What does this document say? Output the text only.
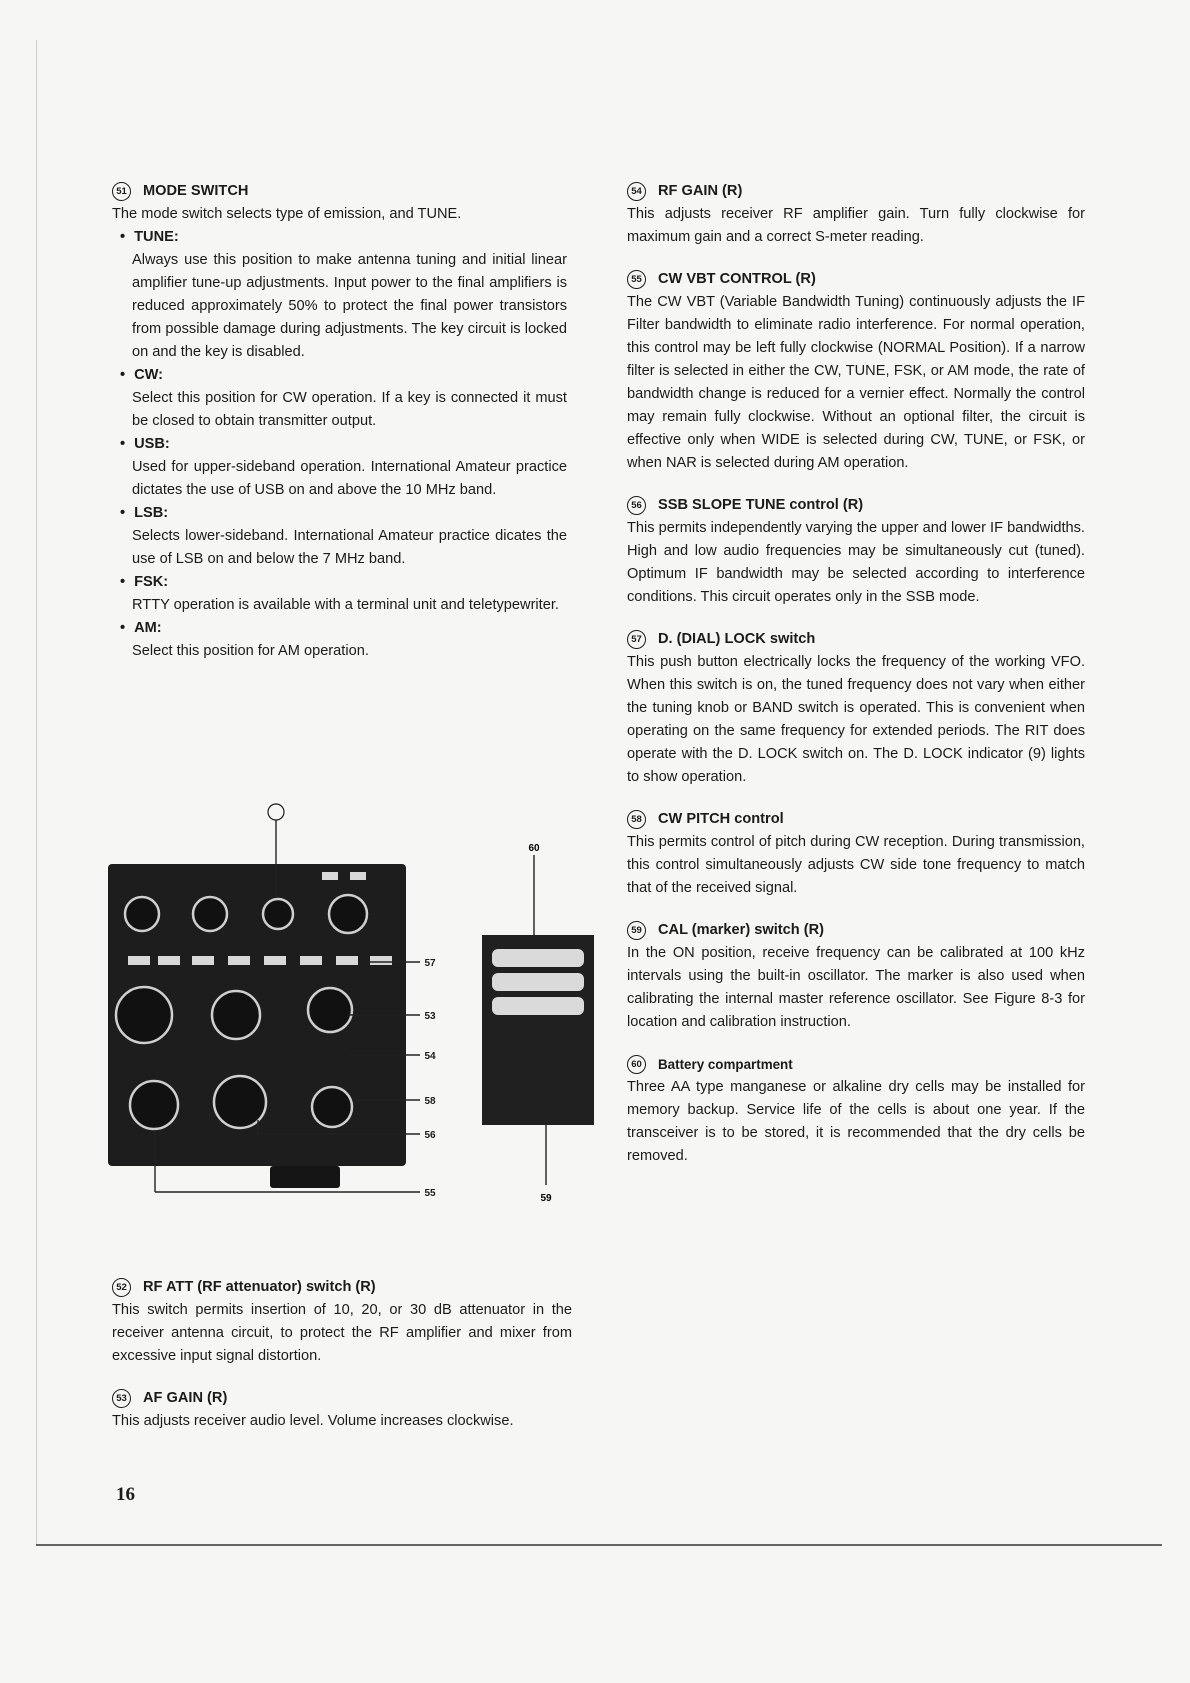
51 MODE SWITCH
The mode switch selects type of emission, and TUNE.
• TUNE:
Always use this position to make antenna tuning and initial linear amplifier tune-up adjustments. Input power to the final amplifiers is reduced approximately 50% to protect the final power transistors from possible damage during adjustments. The key circuit is locked on and the key is disabled.
• CW:
Select this position for CW operation. If a key is connected it must be closed to obtain transmitter output.
• USB:
Used for upper-sideband operation. International Amateur practice dictates the use of USB on and above the 10 MHz band.
• LSB:
Selects lower-sideband. International Amateur practice dicates the use of LSB on and below the 7 MHz band.
• FSK:
RTTY operation is available with a terminal unit and teletypewriter.
• AM:
Select this position for AM operation.
57
53
54
58
56
55
60
59
52 RF ATT (RF attenuator) switch (R)
This switch permits insertion of 10, 20, or 30 dB attenuator in the receiver antenna circuit, to protect the RF amplifier and mixer from excessive input signal distortion.
53 AF GAIN (R)
This adjusts receiver audio level. Volume increases clockwise.
54 RF GAIN (R)
This adjusts receiver RF amplifier gain. Turn fully clockwise for maximum gain and a correct S-meter reading.
55 CW VBT CONTROL (R)
The CW VBT (Variable Bandwidth Tuning) continuously adjusts the IF Filter bandwidth to eliminate radio interference. For normal operation, this control may be left fully clockwise (NORMAL Position). If a narrow filter is selected in either the CW, TUNE, FSK, or AM mode, the rate of bandwidth change is reduced for a vernier effect. Normally the control may remain fully clockwise. Without an optional filter, the circuit is effective only when WIDE is selected during CW, TUNE, or FSK, or when NAR is selected during AM operation.
56 SSB SLOPE TUNE control (R)
This permits independently varying the upper and lower IF bandwidths. High and low audio frequencies may be simultaneously cut (tuned). Optimum IF bandwidth may be selected according to interference conditions. This circuit operates only in the SSB mode.
57 D. (DIAL) LOCK switch
This push button electrically locks the frequency of the working VFO. When this switch is on, the tuned frequency does not vary when either the tuning knob or BAND switch is operated. This is convenient when operating on the same frequency for extended periods. The RIT does operate with the D. LOCK switch on. The D. LOCK indicator (9) lights to show operation.
58 CW PITCH control
This permits control of pitch during CW reception. During transmission, this control simultaneously adjusts CW side tone frequency to match that of the received signal.
59 CAL (marker) switch (R)
In the ON position, receive frequency can be calibrated at 100 kHz intervals using the built-in oscillator. The marker is also used when calibrating the internal master reference oscillator. See Figure 8-3 for location and calibration instruction.
60	Battery compartment
Three AA type manganese or alkaline dry cells may be installed for memory backup. Service life of the cells is about one year. If the transceiver is to be stored, it is recommended that the dry cells be removed.
16
